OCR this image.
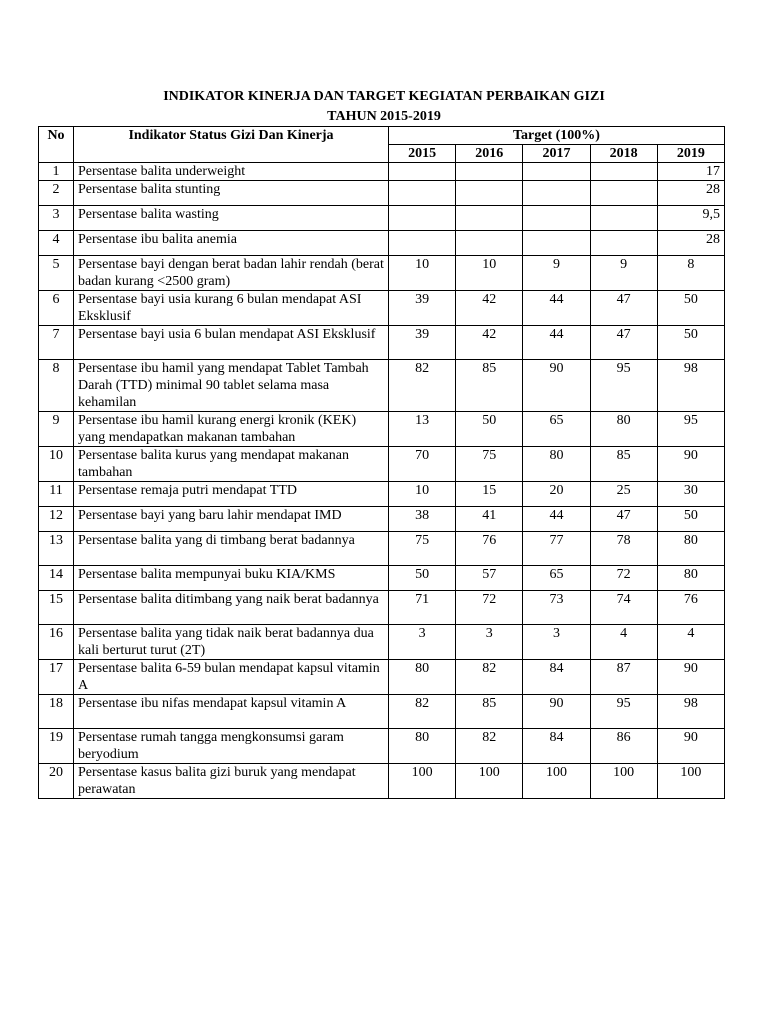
INDIKATOR KINERJA DAN TARGET KEGIATAN PERBAIKAN GIZI
TAHUN 2015-2019
No	Indikator Status Gizi Dan Kinerja	Target (100%)				
		2015	2016	2017	2018	2019
1	Persentase balita underweight					17
2	Persentase balita stunting					28
3	Persentase balita wasting					9,5
4	Persentase ibu balita anemia					28
5	Persentase bayi dengan berat badan lahir rendah (berat badan kurang <2500 gram)	10	10	9	9	8
6	Persentase bayi usia kurang 6 bulan mendapat ASI Eksklusif	39	42	44	47	50
7	Persentase bayi usia 6 bulan mendapat ASI Eksklusif	39	42	44	47	50
8	Persentase ibu hamil yang mendapat Tablet Tambah Darah (TTD) minimal 90 tablet selama masa kehamilan	82	85	90	95	98
9	Persentase ibu hamil kurang energi kronik (KEK) yang mendapatkan makanan tambahan	13	50	65	80	95
10	Persentase balita kurus yang mendapat makanan tambahan	70	75	80	85	90
11	Persentase remaja putri mendapat TTD	10	15	20	25	30
12	Persentase bayi yang baru lahir mendapat IMD	38	41	44	47	50
13	Persentase balita yang di timbang berat badannya	75	76	77	78	80
14	Persentase balita mempunyai buku KIA/KMS	50	57	65	72	80
15	Persentase balita ditimbang yang naik berat badannya	71	72	73	74	76
16	Persentase balita yang tidak naik berat badannya dua kali berturut turut (2T)	3	3	3	4	4
17	Persentase balita 6-59 bulan mendapat kapsul vitamin A	80	82	84	87	90
18	Persentase ibu nifas mendapat kapsul vitamin A	82	85	90	95	98
19	Persentase rumah tangga mengkonsumsi garam beryodium	80	82	84	86	90
20	Persentase kasus balita gizi buruk yang mendapat perawatan	100	100	100	100	100
